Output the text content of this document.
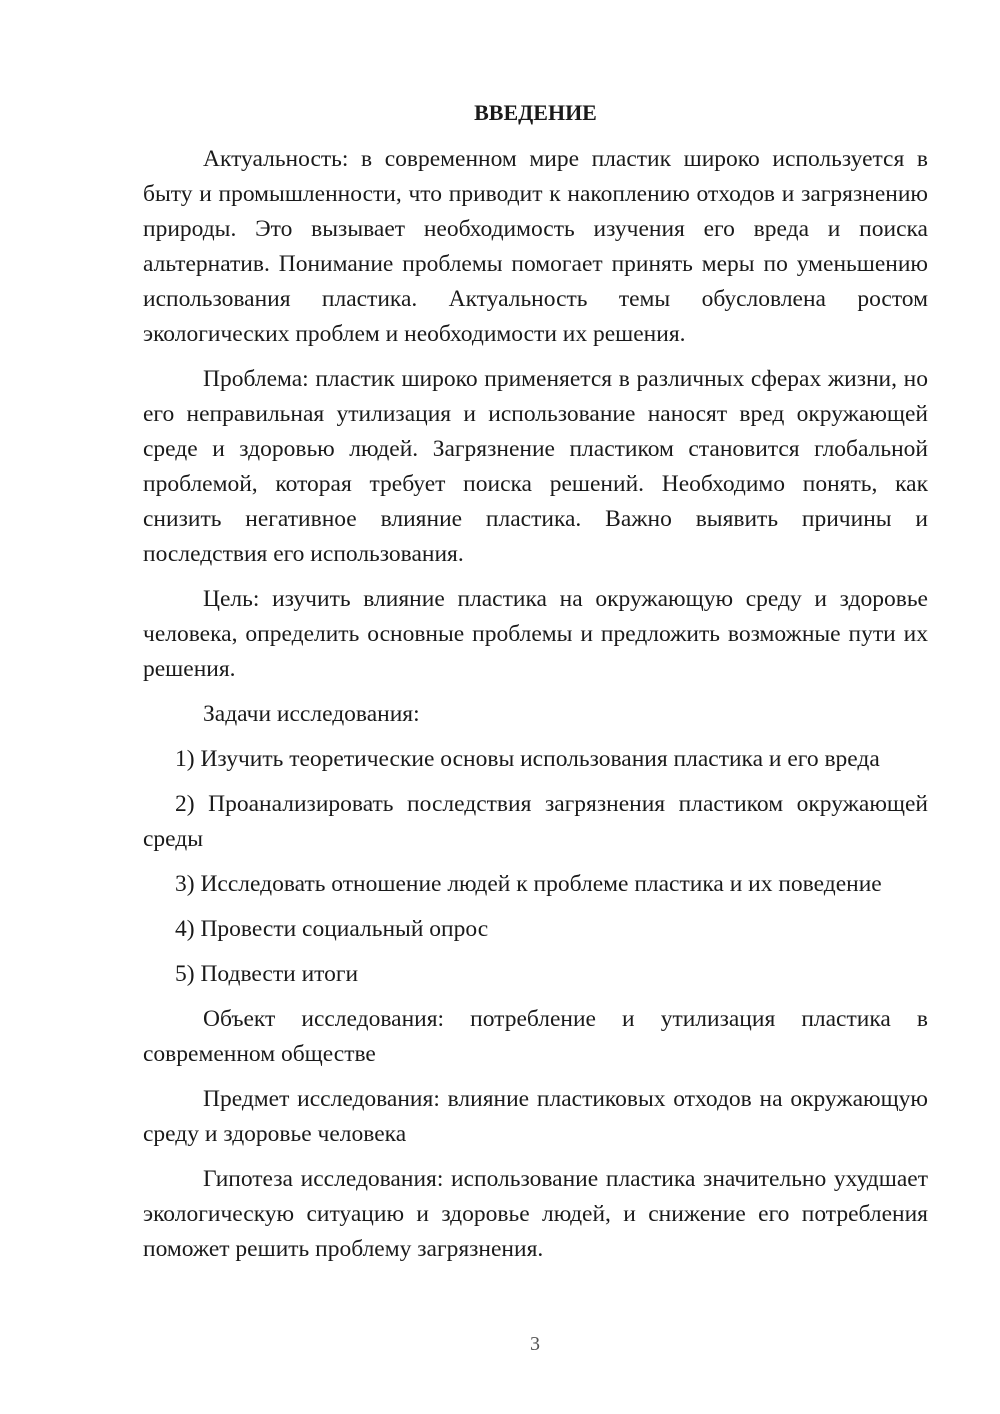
ВВЕДЕНИЕ

Актуальность: в современном мире пластик широко используется в быту и промышленности, что приводит к накоплению отходов и загрязнению природы. Это вызывает необходимость изучения его вреда и поиска альтернатив. Понимание проблемы помогает принять меры по уменьшению использования пластика. Актуальность темы обусловлена ростом экологических проблем и необходимости их решения.

Проблема: пластик широко применяется в различных сферах жизни, но его неправильная утилизация и использование наносят вред окружающей среде и здоровью людей. Загрязнение пластиком становится глобальной проблемой, которая требует поиска решений. Необходимо понять, как снизить негативное влияние пластика. Важно выявить причины и последствия его использования.

Цель: изучить влияние пластика на окружающую среду и здоровье человека, определить основные проблемы и предложить возможные пути их решения.

Задачи исследования:

1) Изучить теоретические основы использования пластика и его вреда

2) Проанализировать последствия загрязнения пластиком окружающей среды

3) Исследовать отношение людей к проблеме пластика и их поведение

4) Провести социальный опрос

5) Подвести итоги

Объект исследования: потребление и утилизация пластика в современном обществе

Предмет исследования: влияние пластиковых отходов на окружающую среду и здоровье человека

Гипотеза исследования: использование пластика значительно ухудшает экологическую ситуацию и здоровье людей, и снижение его потребления поможет решить проблему загрязнения.

3
